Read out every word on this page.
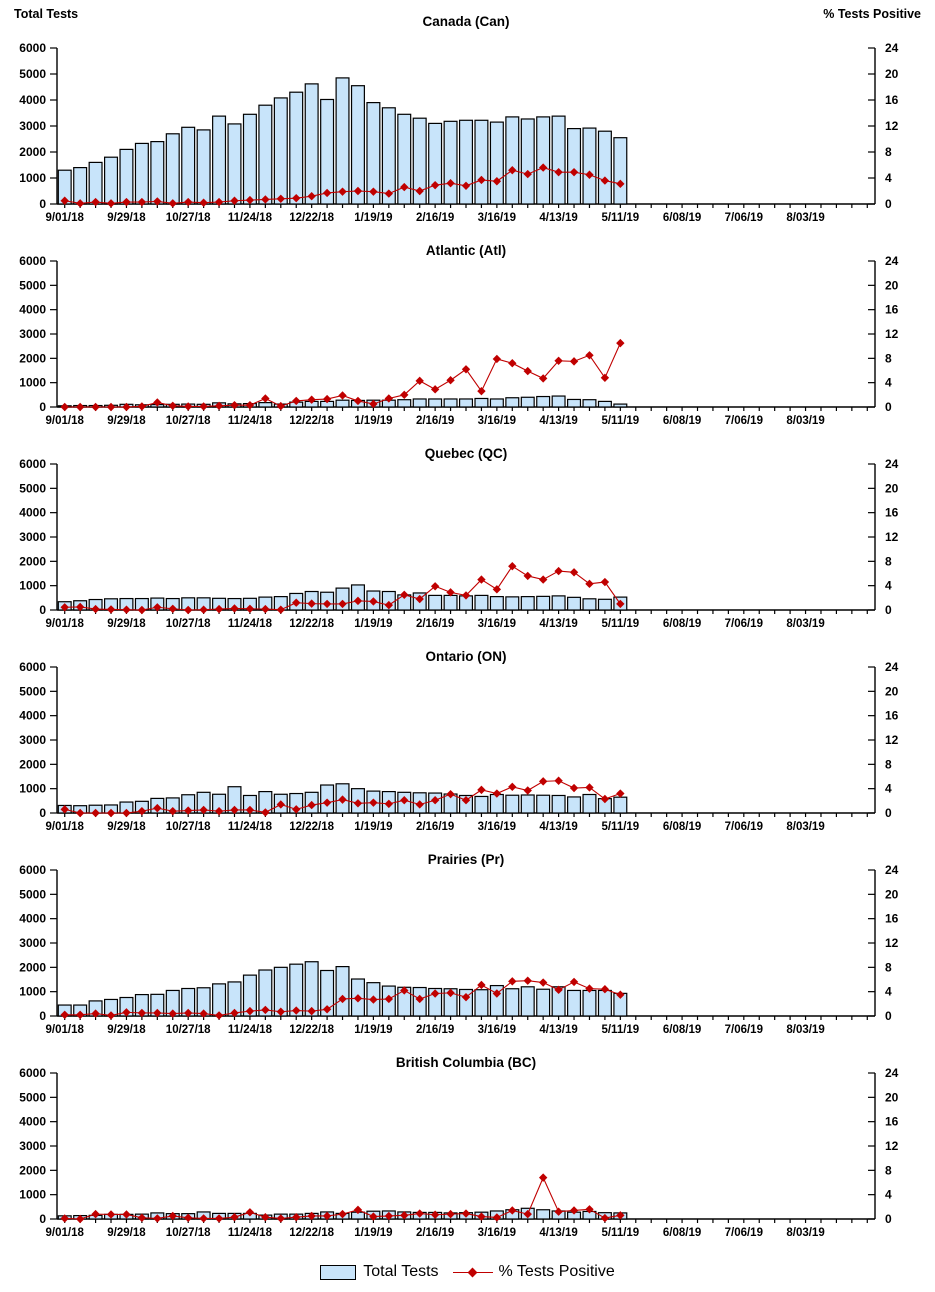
Canada (Can)
Total Tests	% Tests Positive
0
1000
2000
3000
4000
5000
6000
0
4
8
12
16
20
24
9/01/18 9/29/18 10/27/18 11/24/18 12/22/18 1/19/19 2/16/19 3/16/19 4/13/19 5/11/19 6/08/19 7/06/19 8/03/19
Atlantic (Atl)
0
1000
2000
3000
4000
5000
6000
0
4
8
12
16
20
24
9/01/18 9/29/18 10/27/18 11/24/18 12/22/18 1/19/19 2/16/19 3/16/19 4/13/19 5/11/19 6/08/19 7/06/19 8/03/19
Quebec (QC)
0
1000
2000
3000
4000
5000
6000
0
4
8
12
16
20
24
9/01/18 9/29/18 10/27/18 11/24/18 12/22/18 1/19/19 2/16/19 3/16/19 4/13/19 5/11/19 6/08/19 7/06/19 8/03/19
Ontario (ON)
0
1000
2000
3000
4000
5000
6000
0
4
8
12
16
20
24
9/01/18 9/29/18 10/27/18 11/24/18 12/22/18 1/19/19 2/16/19 3/16/19 4/13/19 5/11/19 6/08/19 7/06/19 8/03/19
Prairies (Pr)
0
1000
2000
3000
4000
5000
6000
0
4
8
12
16
20
24
9/01/18 9/29/18 10/27/18 11/24/18 12/22/18 1/19/19 2/16/19 3/16/19 4/13/19 5/11/19 6/08/19 7/06/19 8/03/19
British Columbia (BC)
0
1000
2000
3000
4000
5000
6000
0
4
8
12
16
20
24
9/01/18 9/29/18 10/27/18 11/24/18 12/22/18 1/19/19 2/16/19 3/16/19 4/13/19 5/11/19 6/08/19 7/06/19 8/03/19
Total Tests	% Tests Positive
